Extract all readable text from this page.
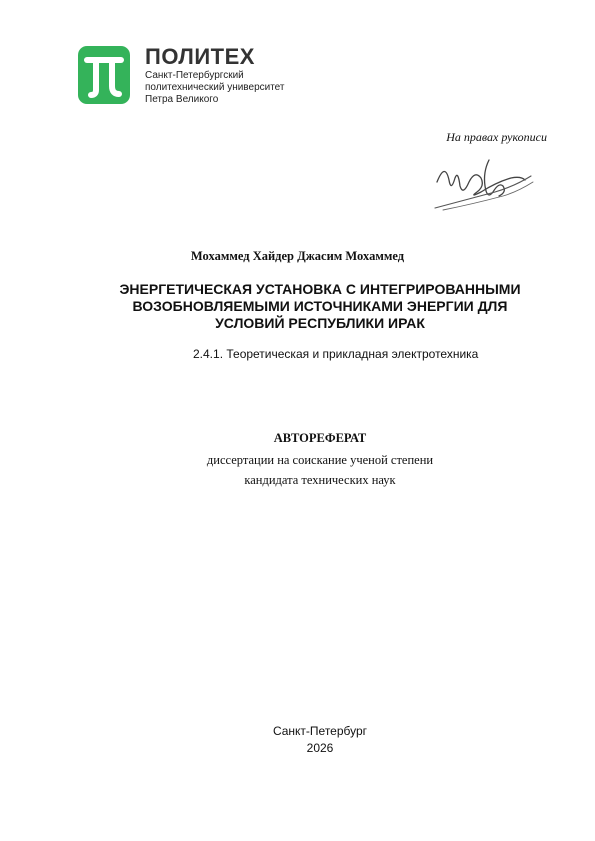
ПОЛИТЕХ
Санкт-Петербургский
политехнический университет
Петра Великого
На правах рукописи
Мохаммед Хайдер Джасим Мохаммед
ЭНЕРГЕТИЧЕСКАЯ УСТАНОВКА С ИНТЕГРИРОВАННЫМИ
ВОЗОБНОВЛЯЕМЫМИ ИСТОЧНИКАМИ ЭНЕРГИИ ДЛЯ
УСЛОВИЙ РЕСПУБЛИКИ ИРАК
2.4.1. Теоретическая и прикладная электротехника
АВТОРЕФЕРАТ
диссертации на соискание ученой степени
кандидата технических наук
Санкт-Петербург
2026
